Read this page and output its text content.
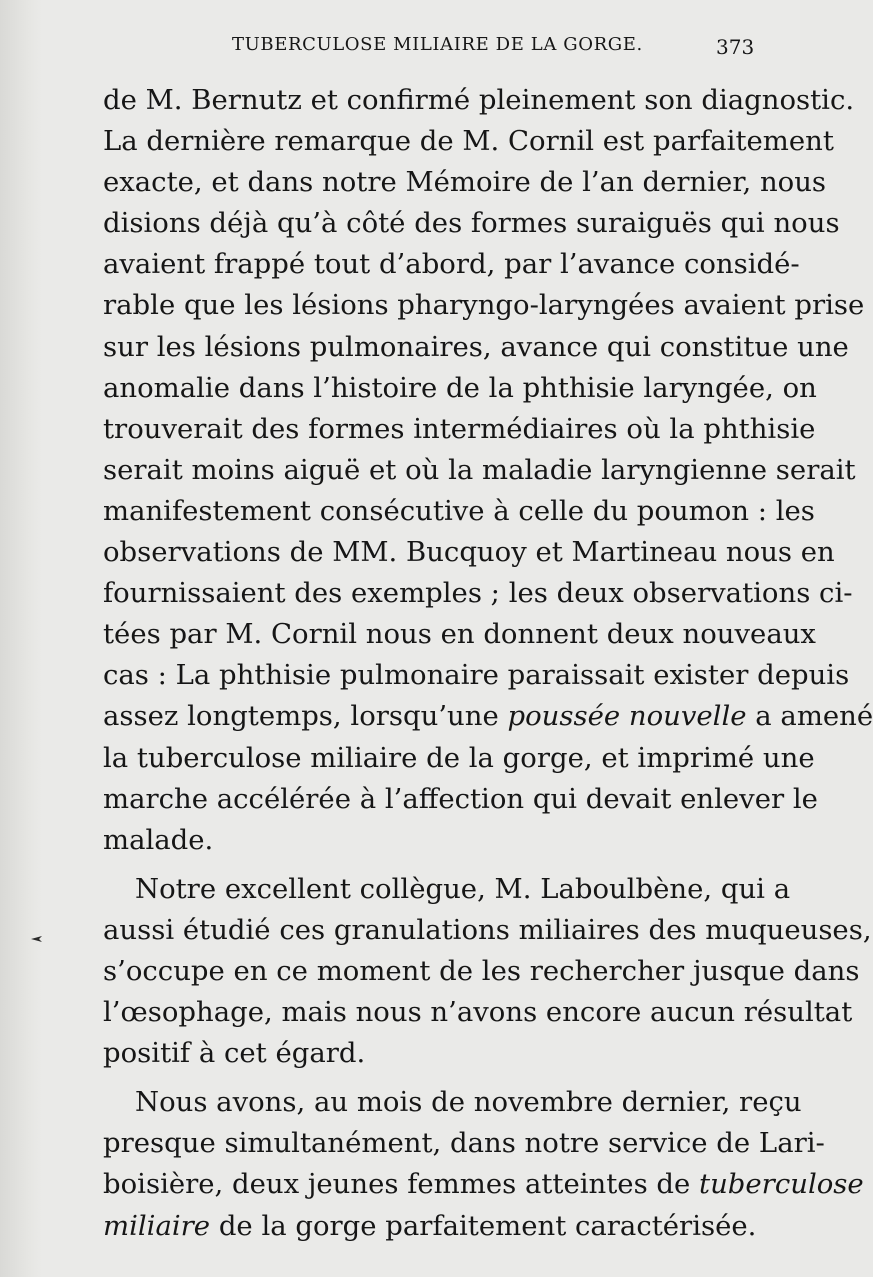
TUBERCULOSE MILIAIRE DE LA GORGE.	373
de M. Bernutz et confirmé pleinement son diagnostic.
La dernière remarque de M. Cornil est parfaitement
exacte, et dans notre Mémoire de l’an dernier, nous
disions déjà qu’à côté des formes suraiguës qui nous
avaient frappé tout d’abord, par l’avance considé-
rable que les lésions pharyngo-laryngées avaient prise
sur les lésions pulmonaires, avance qui constitue une
anomalie dans l’histoire de la phthisie laryngée, on
trouverait des formes intermédiaires où la phthisie
serait moins aiguë et où la maladie laryngienne serait
manifestement consécutive à celle du poumon : les
observations de MM. Bucquoy et Martineau nous en
fournissaient des exemples ; les deux observations ci-
tées par M. Cornil nous en donnent deux nouveaux
cas : La phthisie pulmonaire paraissait exister depuis
assez longtemps, lorsqu’une poussée nouvelle a amené
la tuberculose miliaire de la gorge, et imprimé une
marche accélérée à l’affection qui devait enlever le
malade.
Notre excellent collègue, M. Laboulbène, qui a
aussi étudié ces granulations miliaires des muqueuses,
s’occupe en ce moment de les rechercher jusque dans
l’œsophage, mais nous n’avons encore aucun résultat
positif à cet égard.
Nous avons, au mois de novembre dernier, reçu
presque simultanément, dans notre service de Lari-
boisière, deux jeunes femmes atteintes de tuberculose
miliaire de la gorge parfaitement caractérisée.
